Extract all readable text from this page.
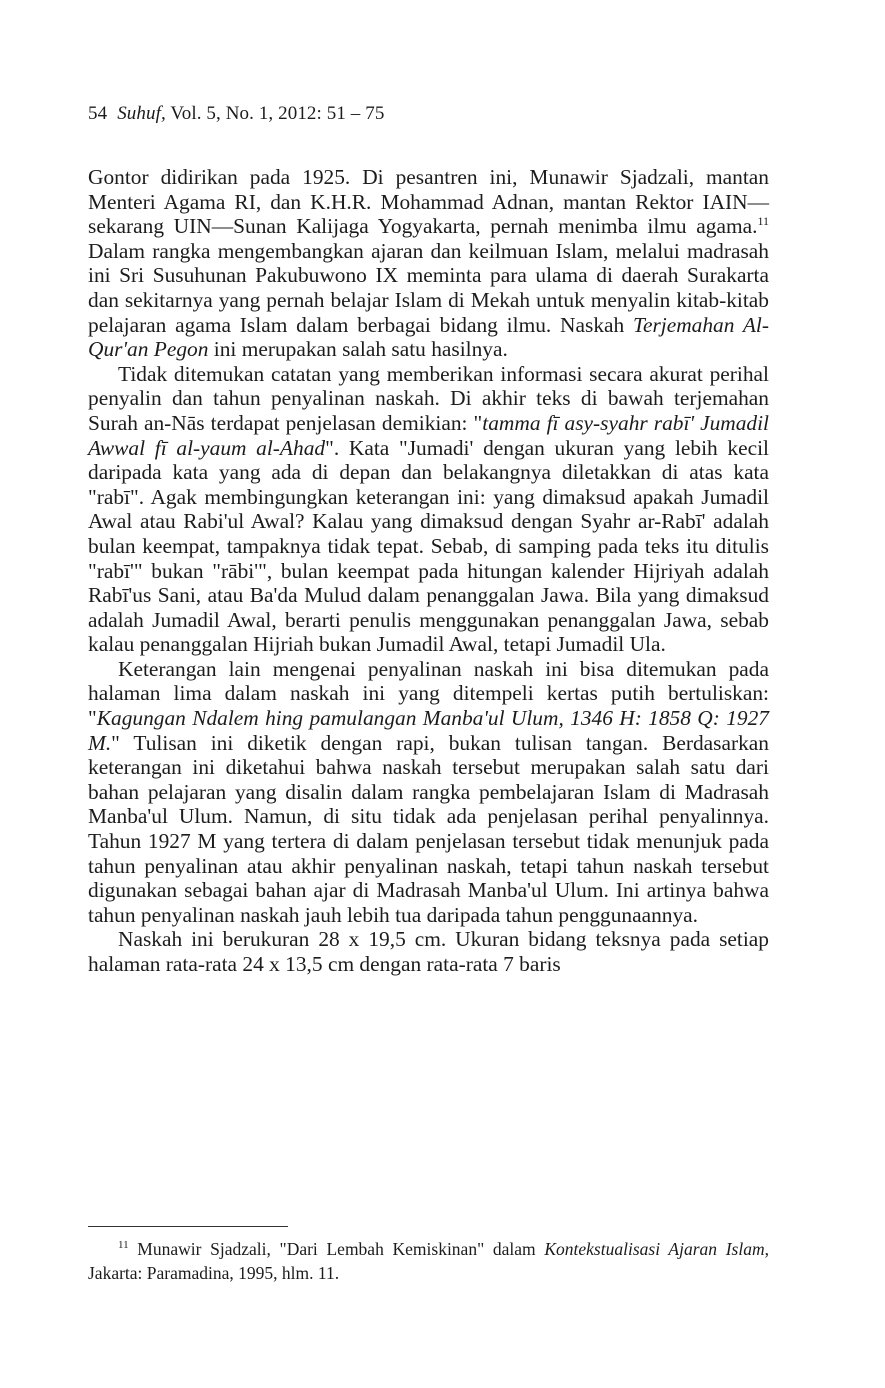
54 Suhuf, Vol. 5, No. 1, 2012: 51 – 75

Gontor didirikan pada 1925. Di pesantren ini, Munawir Sjadzali, mantan Menteri Agama RI, dan K.H.R. Mohammad Adnan, mantan Rektor IAIN—sekarang UIN—Sunan Kalijaga Yogyakarta, pernah menimba ilmu agama.$^{11}$ Dalam rangka mengembangkan ajaran dan keilmuan Islam, melalui madrasah ini Sri Susuhunan Pakubuwono IX meminta para ulama di daerah Surakarta dan sekitarnya yang pernah belajar Islam di Mekah untuk menyalin kitab-kitab pelajaran agama Islam dalam berbagai bidang ilmu. Naskah Terjemahan Al-Qur'an Pegon ini merupakan salah satu hasilnya.

Tidak ditemukan catatan yang memberikan informasi secara akurat perihal penyalin dan tahun penyalinan naskah. Di akhir teks di bawah terjemahan Surah an-Nās terdapat penjelasan demikian: "tamma fī asy-syahr rabī' Jumadil Awwal fī al-yaum al-Ahad". Kata "Jumadi' dengan ukuran yang lebih kecil daripada kata yang ada di depan dan belakangnya diletakkan di atas kata "rabī". Agak membingungkan keterangan ini: yang dimaksud apakah Jumadil Awal atau Rabi'ul Awal? Kalau yang dimaksud dengan Syahr ar-Rabī' adalah bulan keempat, tampaknya tidak tepat. Sebab, di samping pada teks itu ditulis "rabī'" bukan "rābi'", bulan keempat pada hitungan kalender Hijriyah adalah Rabī'us Sani, atau Ba'da Mulud dalam penanggalan Jawa. Bila yang dimaksud adalah Jumadil Awal, berarti penulis menggunakan penanggalan Jawa, sebab kalau penanggalan Hijriah bukan Jumadil Awal, tetapi Jumadil Ula.

Keterangan lain mengenai penyalinan naskah ini bisa ditemukan pada halaman lima dalam naskah ini yang ditempeli kertas putih bertuliskan: "Kagungan Ndalem hing pamulangan Manba'ul Ulum, 1346 H: 1858 Q: 1927 M." Tulisan ini diketik dengan rapi, bukan tulisan tangan. Berdasarkan keterangan ini diketahui bahwa naskah tersebut merupakan salah satu dari bahan pelajaran yang disalin dalam rangka pembelajaran Islam di Madrasah Manba'ul Ulum. Namun, di situ tidak ada penjelasan perihal penyalinnya. Tahun 1927 M yang tertera di dalam penjelasan tersebut tidak menunjuk pada tahun penyalinan atau akhir penyalinan naskah, tetapi tahun naskah tersebut digunakan sebagai bahan ajar di Madrasah Manba'ul Ulum. Ini artinya bahwa tahun penyalinan naskah jauh lebih tua daripada tahun penggunaannya.

Naskah ini berukuran 28 x 19,5 cm. Ukuran bidang teksnya pada setiap halaman rata-rata 24 x 13,5 cm dengan rata-rata 7 baris

$^{11}$ Munawir Sjadzali, "Dari Lembah Kemiskinan" dalam Kontekstualisasi Ajaran Islam, Jakarta: Paramadina, 1995, hlm. 11.
